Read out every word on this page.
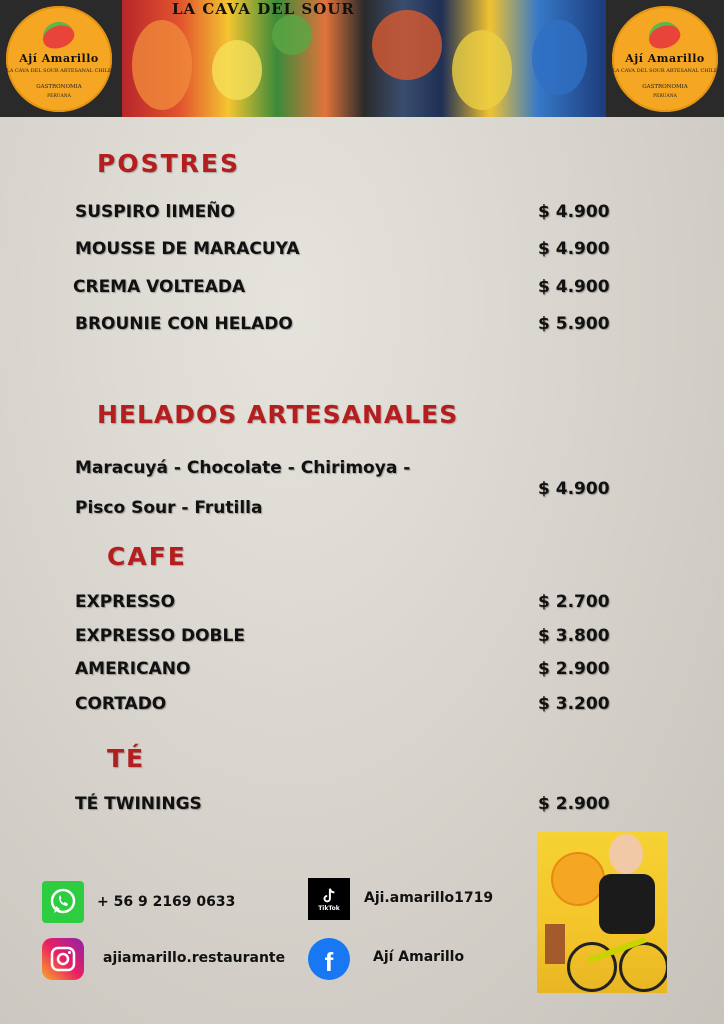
Ají Amarillo
LA CAVA DEL SOUR ARTESANAL CHILE
GASTRONOMIA
PERUANA
LA CAVA DEL SOUR
Ají Amarillo
LA CAVA DEL SOUR ARTESANAL CHILE
GASTRONOMIA
PERUANA
POSTRES
SUSPIRO lIMEÑO	$ 4.900
MOUSSE DE MARACUYA	$ 4.900
CREMA VOLTEADA	$ 4.900
BROUNIE CON HELADO	$ 5.900
HELADOS ARTESANALES
Maracuyá - Chocolate - Chirimoya -
Pisco Sour - Frutilla
$ 4.900
CAFE
EXPRESSO	$ 2.700
EXPRESSO DOBLE	$ 3.800
AMERICANO	$ 2.900
CORTADO	$ 3.200
TÉ
TÉ TWININGS	$ 2.900
+ 56 9 2169 0633
ajiamarillo.restaurante
TikTok
Aji.amarillo1719
f	Ají Amarillo
